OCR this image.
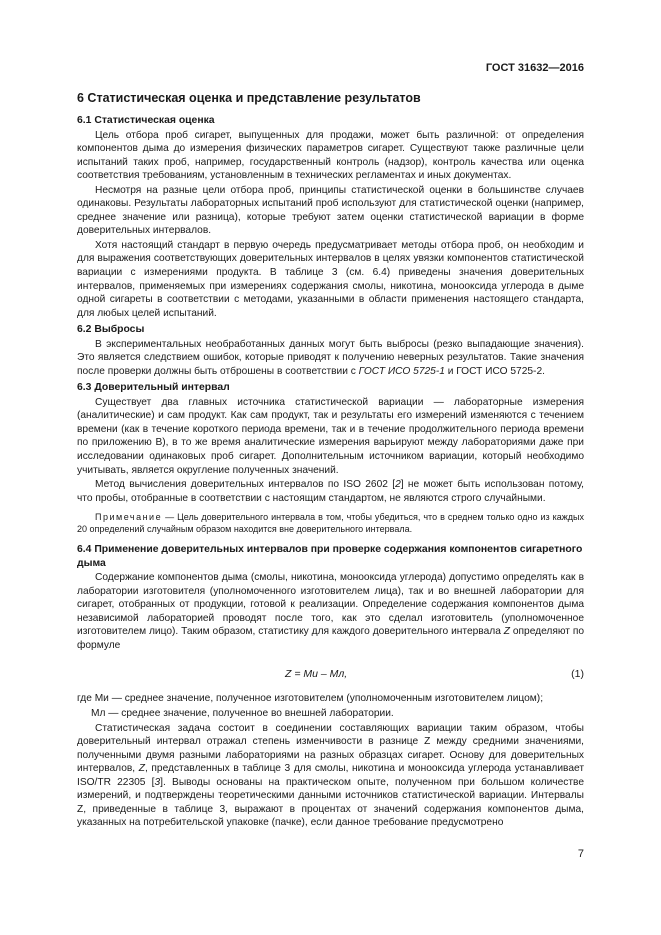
ГОСТ 31632—2016
6 Статистическая оценка и представление результатов
6.1 Статистическая оценка

Цель отбора проб сигарет, выпущенных для продажи, может быть различной: от определения компонентов дыма до измерения физических параметров сигарет. Существуют также различные цели испытаний таких проб, например, государственный контроль (надзор), контроль качества или оценка соответствия требованиям, установленным в технических регламентах и иных документах.

Несмотря на разные цели отбора проб, принципы статистической оценки в большинстве случаев одинаковы. Результаты лабораторных испытаний проб используют для статистической оценки (например, среднее значение или разница), которые требуют затем оценки статистической вариации в форме доверительных интервалов.

Хотя настоящий стандарт в первую очередь предусматривает методы отбора проб, он необходим и для выражения соответствующих доверительных интервалов в целях увязки компонентов статистической вариации с измерениями продукта. В таблице 3 (см. 6.4) приведены значения доверительных интервалов, применяемых при измерениях содержания смолы, никотина, монооксида углерода в дыме одной сигареты в соответствии с методами, указанными в области применения настоящего стандарта, для любых целей испытаний.

6.2 Выбросы

В экспериментальных необработанных данных могут быть выбросы (резко выпадающие значения). Это является следствием ошибок, которые приводят к получению неверных результатов. Такие значения после проверки должны быть отброшены в соответствии с ГОСТ ИСО 5725-1 и ГОСТ ИСО 5725-2.

6.3 Доверительный интервал

Существует два главных источника статистической вариации — лабораторные измерения (аналитические) и сам продукт. Как сам продукт, так и результаты его измерений изменяются с течением времени (как в течение короткого периода времени, так и в течение продолжительного периода времени по приложению В), в то же время аналитические измерения варьируют между лабораториями даже при исследовании одинаковых проб сигарет. Дополнительным источником вариации, который необходимо учитывать, является округление полученных значений.

Метод вычисления доверительных интервалов по ISO 2602 [2] не может быть использован потому, что пробы, отобранные в соответствии с настоящим стандартом, не являются строго случайными.

Примечание — Цель доверительного интервала в том, чтобы убедиться, что в среднем только одно из каждых 20 определений случайным образом находится вне доверительного интервала.
6.4 Применение доверительных интервалов при проверке содержания компонентов сигаретного дыма

Содержание компонентов дыма (смолы, никотина, монооксида углерода) допустимо определять как в лаборатории изготовителя (уполномоченного изготовителем лица), так и во внешней лаборатории для сигарет, отобранных от продукции, готовой к реализации. Определение содержания компонентов дыма независимой лабораторией проводят после того, как это сделал изготовитель (уполномоченное изготовителем лицо). Таким образом, статистику для каждого доверительного интервала Z определяют по формуле

Z = Mи – Mл,	(1)

где Mи — среднее значение, полученное изготовителем (уполномоченным изготовителем лицом);

Mл — среднее значение, полученное во внешней лаборатории.

Статистическая задача состоит в соединении составляющих вариации таким образом, чтобы доверительный интервал отражал степень изменчивости в разнице Z между средними значениями, полученными двумя разными лабораториями на разных образцах сигарет. Основу для доверительных интервалов, Z, представленных в таблице 3 для смолы, никотина и монооксида углерода устанавливает ISO/TR 22305 [3]. Выводы основаны на практическом опыте, полученном при большом количестве измерений, и подтверждены теоретическими данными источников статистической вариации. Интервалы Z, приведенные в таблице 3, выражают в процентах от значений содержания компонентов дыма, указанных на потребительской упаковке (пачке), если данное требование предусмотрено

7
